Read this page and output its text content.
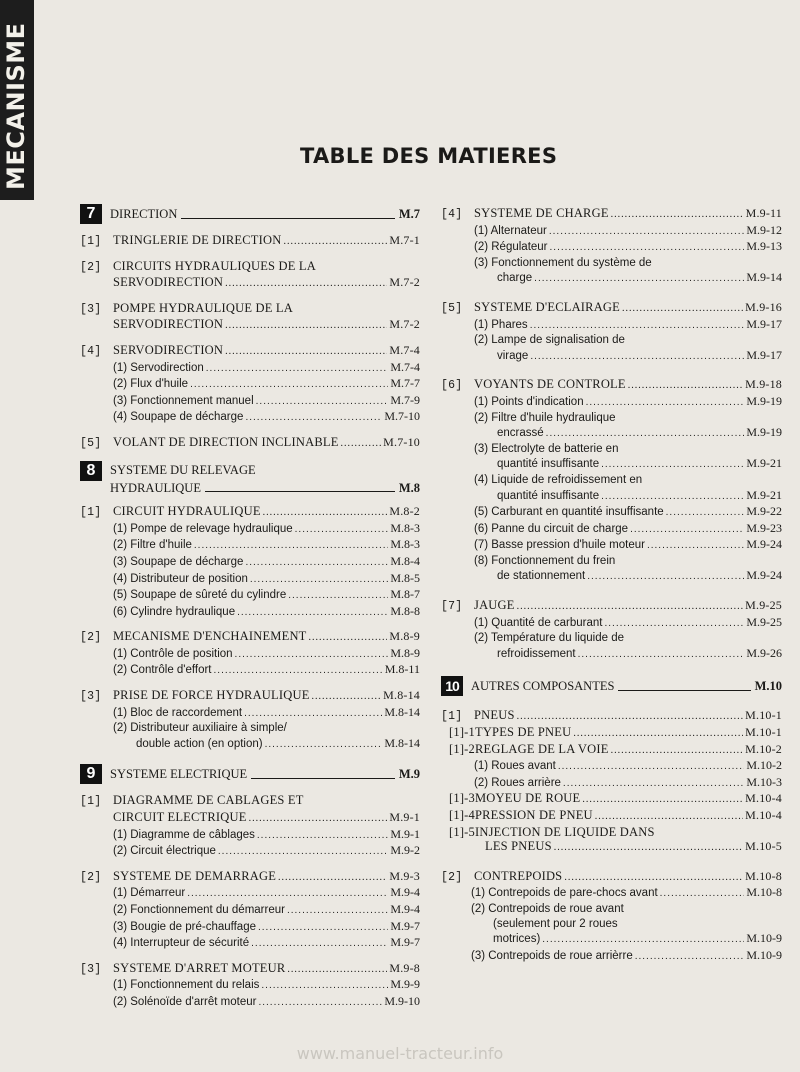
MECANISME	TABLE DES MATIERES
7	DIRECTION	M.7
[1] TRINGLERIE DE DIRECTION .....	M.7-1
[2] CIRCUITS HYDRAULIQUES DE LA
SERVODIRECTION .....	M.7-2
[3] POMPE HYDRAULIQUE DE LA
SERVODIRECTION .....	M.7-2
[4] SERVODIRECTION .....	M.7-4
(1) Servodirection .....	M.7-4
(2) Flux d'huile .....	M.7-7
(3) Fonctionnement manuel .....	M.7-9
(4) Soupape de décharge .....	M.7-10
[5] VOLANT DE DIRECTION INCLINABLE .....	M.7-10
8	SYSTEME DU RELEVAGE
HYDRAULIQUE	M.8
[1] CIRCUIT HYDRAULIQUE .....	M.8-2
(1) Pompe de relevage hydraulique .....	M.8-3
(2) Filtre d'huile .....	M.8-3
(3) Soupape de décharge .....	M.8-4
(4) Distributeur de position .....	M.8-5
(5) Soupape de sûreté du cylindre .....	M.8-7
(6) Cylindre hydraulique .....	M.8-8
[2] MECANISME D'ENCHAINEMENT .....	M.8-9
(1) Contrôle de position .....	M.8-9
(2) Contrôle d'effort .....	M.8-11
[3] PRISE DE FORCE HYDRAULIQUE .....	M.8-14
(1) Bloc de raccordement .....	M.8-14
(2) Distributeur auxiliaire à simple/
double action (en option) .....	M.8-14
9	SYSTEME ELECTRIQUE	M.9
[1] DIAGRAMME DE CABLAGES ET
CIRCUIT ELECTRIQUE .....	M.9-1
(1) Diagramme de câblages .....	M.9-1
(2) Circuit électrique .....	M.9-2
[2] SYSTEME DE DEMARRAGE .....	M.9-3
(1) Démarreur .....	M.9-4
(2) Fonctionnement du démarreur .....	M.9-4
(3) Bougie de pré-chauffage .....	M.9-7
(4) Interrupteur de sécurité .....	M.9-7
[3] SYSTEME D'ARRET MOTEUR .....	M.9-8
(1) Fonctionnement du relais .....	M.9-9
(2) Solénoïde d'arrêt moteur .....	M.9-10
[4] SYSTEME DE CHARGE .....	M.9-11
(1) Alternateur .....	M.9-12
(2) Régulateur .....	M.9-13
(3) Fonctionnement du système de
charge .....	M.9-14
[5] SYSTEME D'ECLAIRAGE .....	M.9-16
(1) Phares .....	M.9-17
(2) Lampe de signalisation de
virage .....	M.9-17
[6] VOYANTS DE CONTROLE .....	M.9-18
(1) Points d'indication .....	M.9-19
(2) Filtre d'huile hydraulique
encrassé .....	M.9-19
(3) Electrolyte de batterie en
quantité insuffisante .....	M.9-21
(4) Liquide de refroidissement en
quantité insuffisante .....	M.9-21
(5) Carburant en quantité insuffisante .....	M.9-22
(6) Panne du circuit de charge .....	M.9-23
(7) Basse pression d'huile moteur .....	M.9-24
(8) Fonctionnement du frein
de stationnement .....	M.9-24
[7] JAUGE .....	M.9-25
(1) Quantité de carburant .....	M.9-25
(2) Température du liquide de
refroidissement .....	M.9-26
10 AUTRES COMPOSANTES	M.10
[1] PNEUS .....	M.10-1
[1]-1TYPES DE PNEU .....	M.10-1
[1]-2REGLAGE DE LA VOIE .....	M.10-2
(1) Roues avant .....	M.10-2
(2) Roues arrière .....	M.10-3
[1]-3MOYEU DE ROUE .....	M.10-4
[1]-4PRESSION DE PNEU .....	M.10-4
[1]-5INJECTION DE LIQUIDE DANS
LES PNEUS .....	M.10-5
[2] CONTREPOIDS .....	M.10-8
(1) Contrepoids de pare-chocs avant .....	M.10-8
(2) Contrepoids de roue avant
(seulement pour 2 roues
motrices) .....	M.10-9
(3) Contrepoids de roue arrièrre .....	M.10-9
www.manuel-tracteur.info
